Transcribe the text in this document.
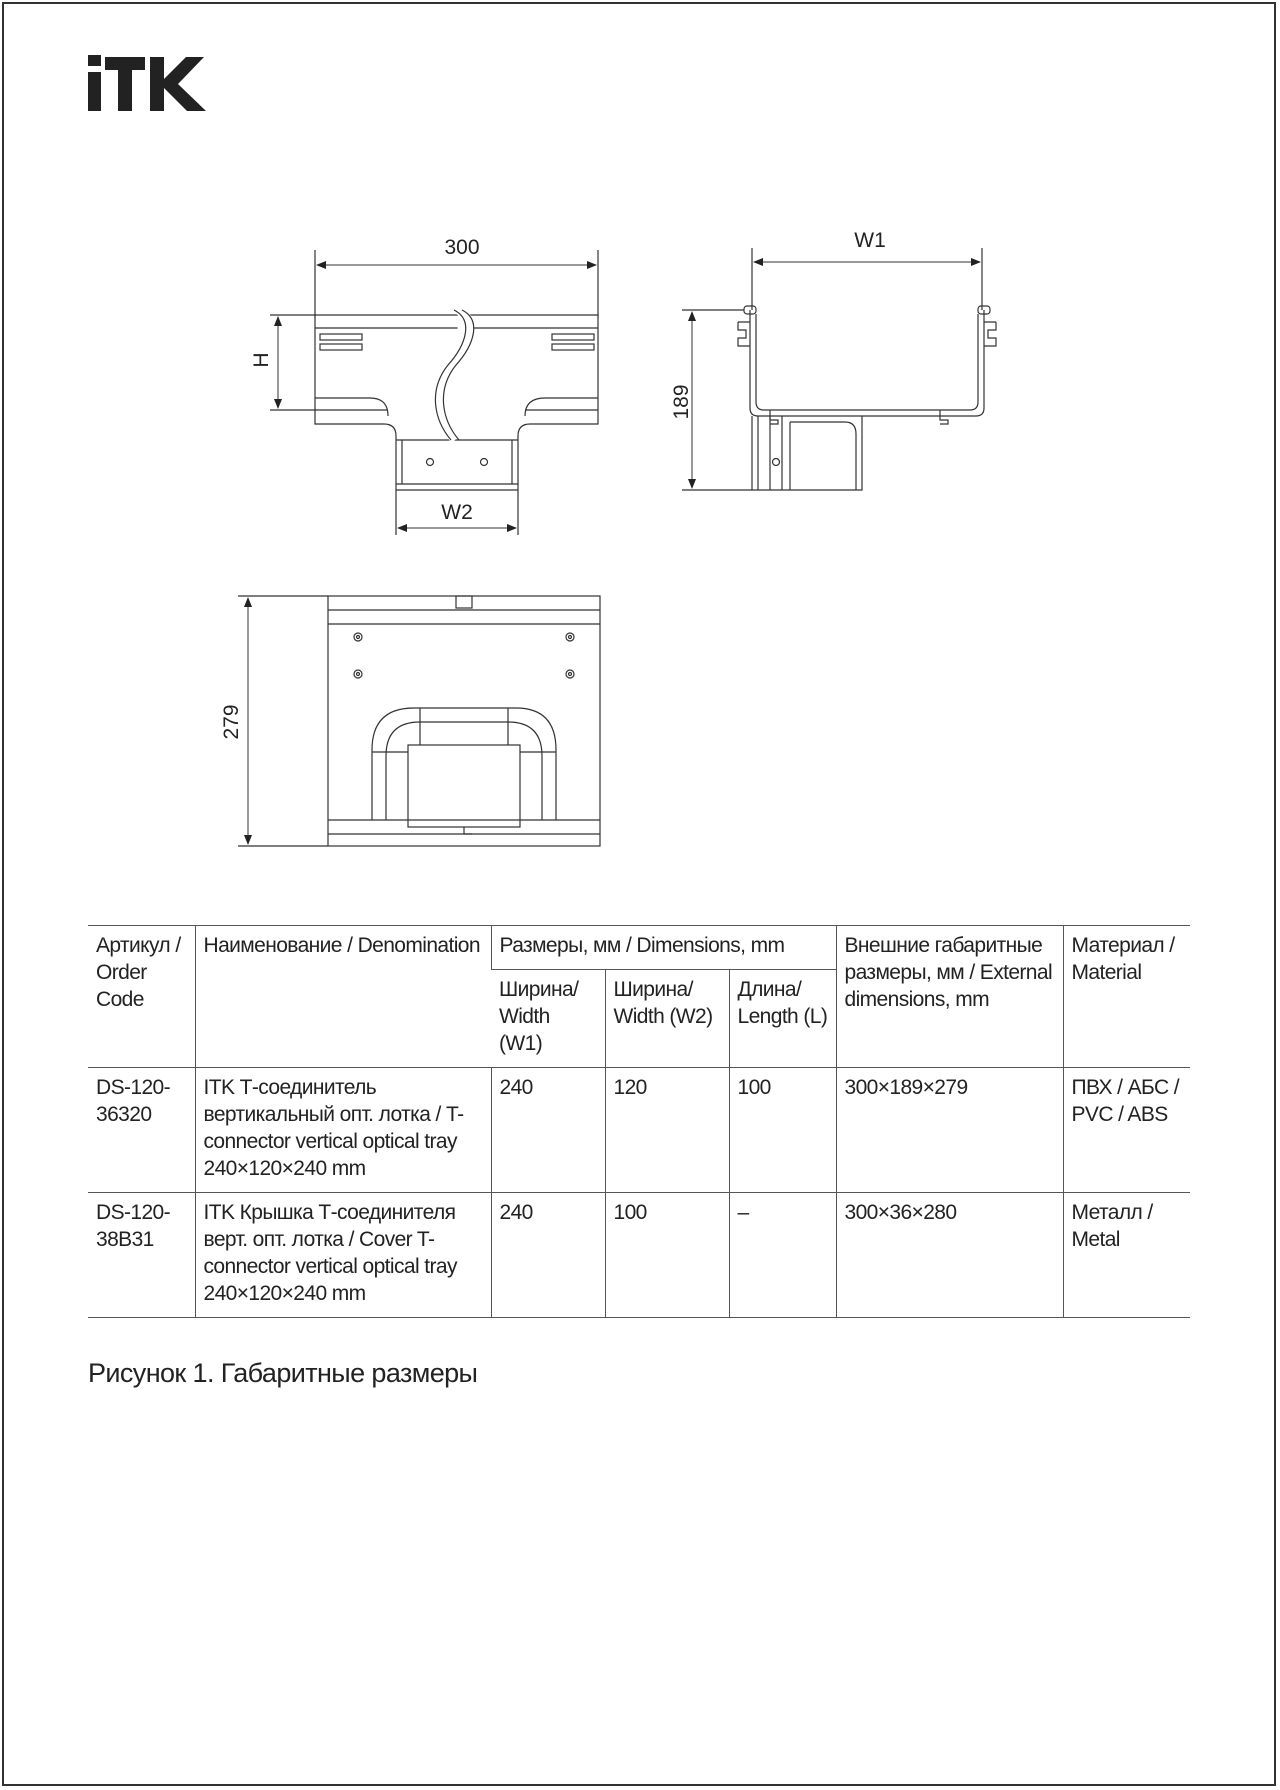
300
H
W2
W1
189
279
Артикул / Order Code	Наименование / Denomination	Размеры, мм / Dimensions, mm			Внешние габаритные размеры, мм / External dimensions, mm	Материал / Material
		Ширина/ Width (W1)	Ширина/ Width (W2)	Длина/ Length (L)		
DS-120-36320	ITK Т-соединитель вертикальный опт. лотка / T-connector vertical optical tray 240×120×240 mm	240	120	100	300×189×279	ПВХ / АБС / PVC / ABS
DS-120-38B31	ITK Крышка Т-соединителя верт. опт. лотка / Cover T-connector vertical optical tray 240×120×240 mm	240	100	–	300×36×280	Металл / Metal
Рисунок 1. Габаритные размеры
